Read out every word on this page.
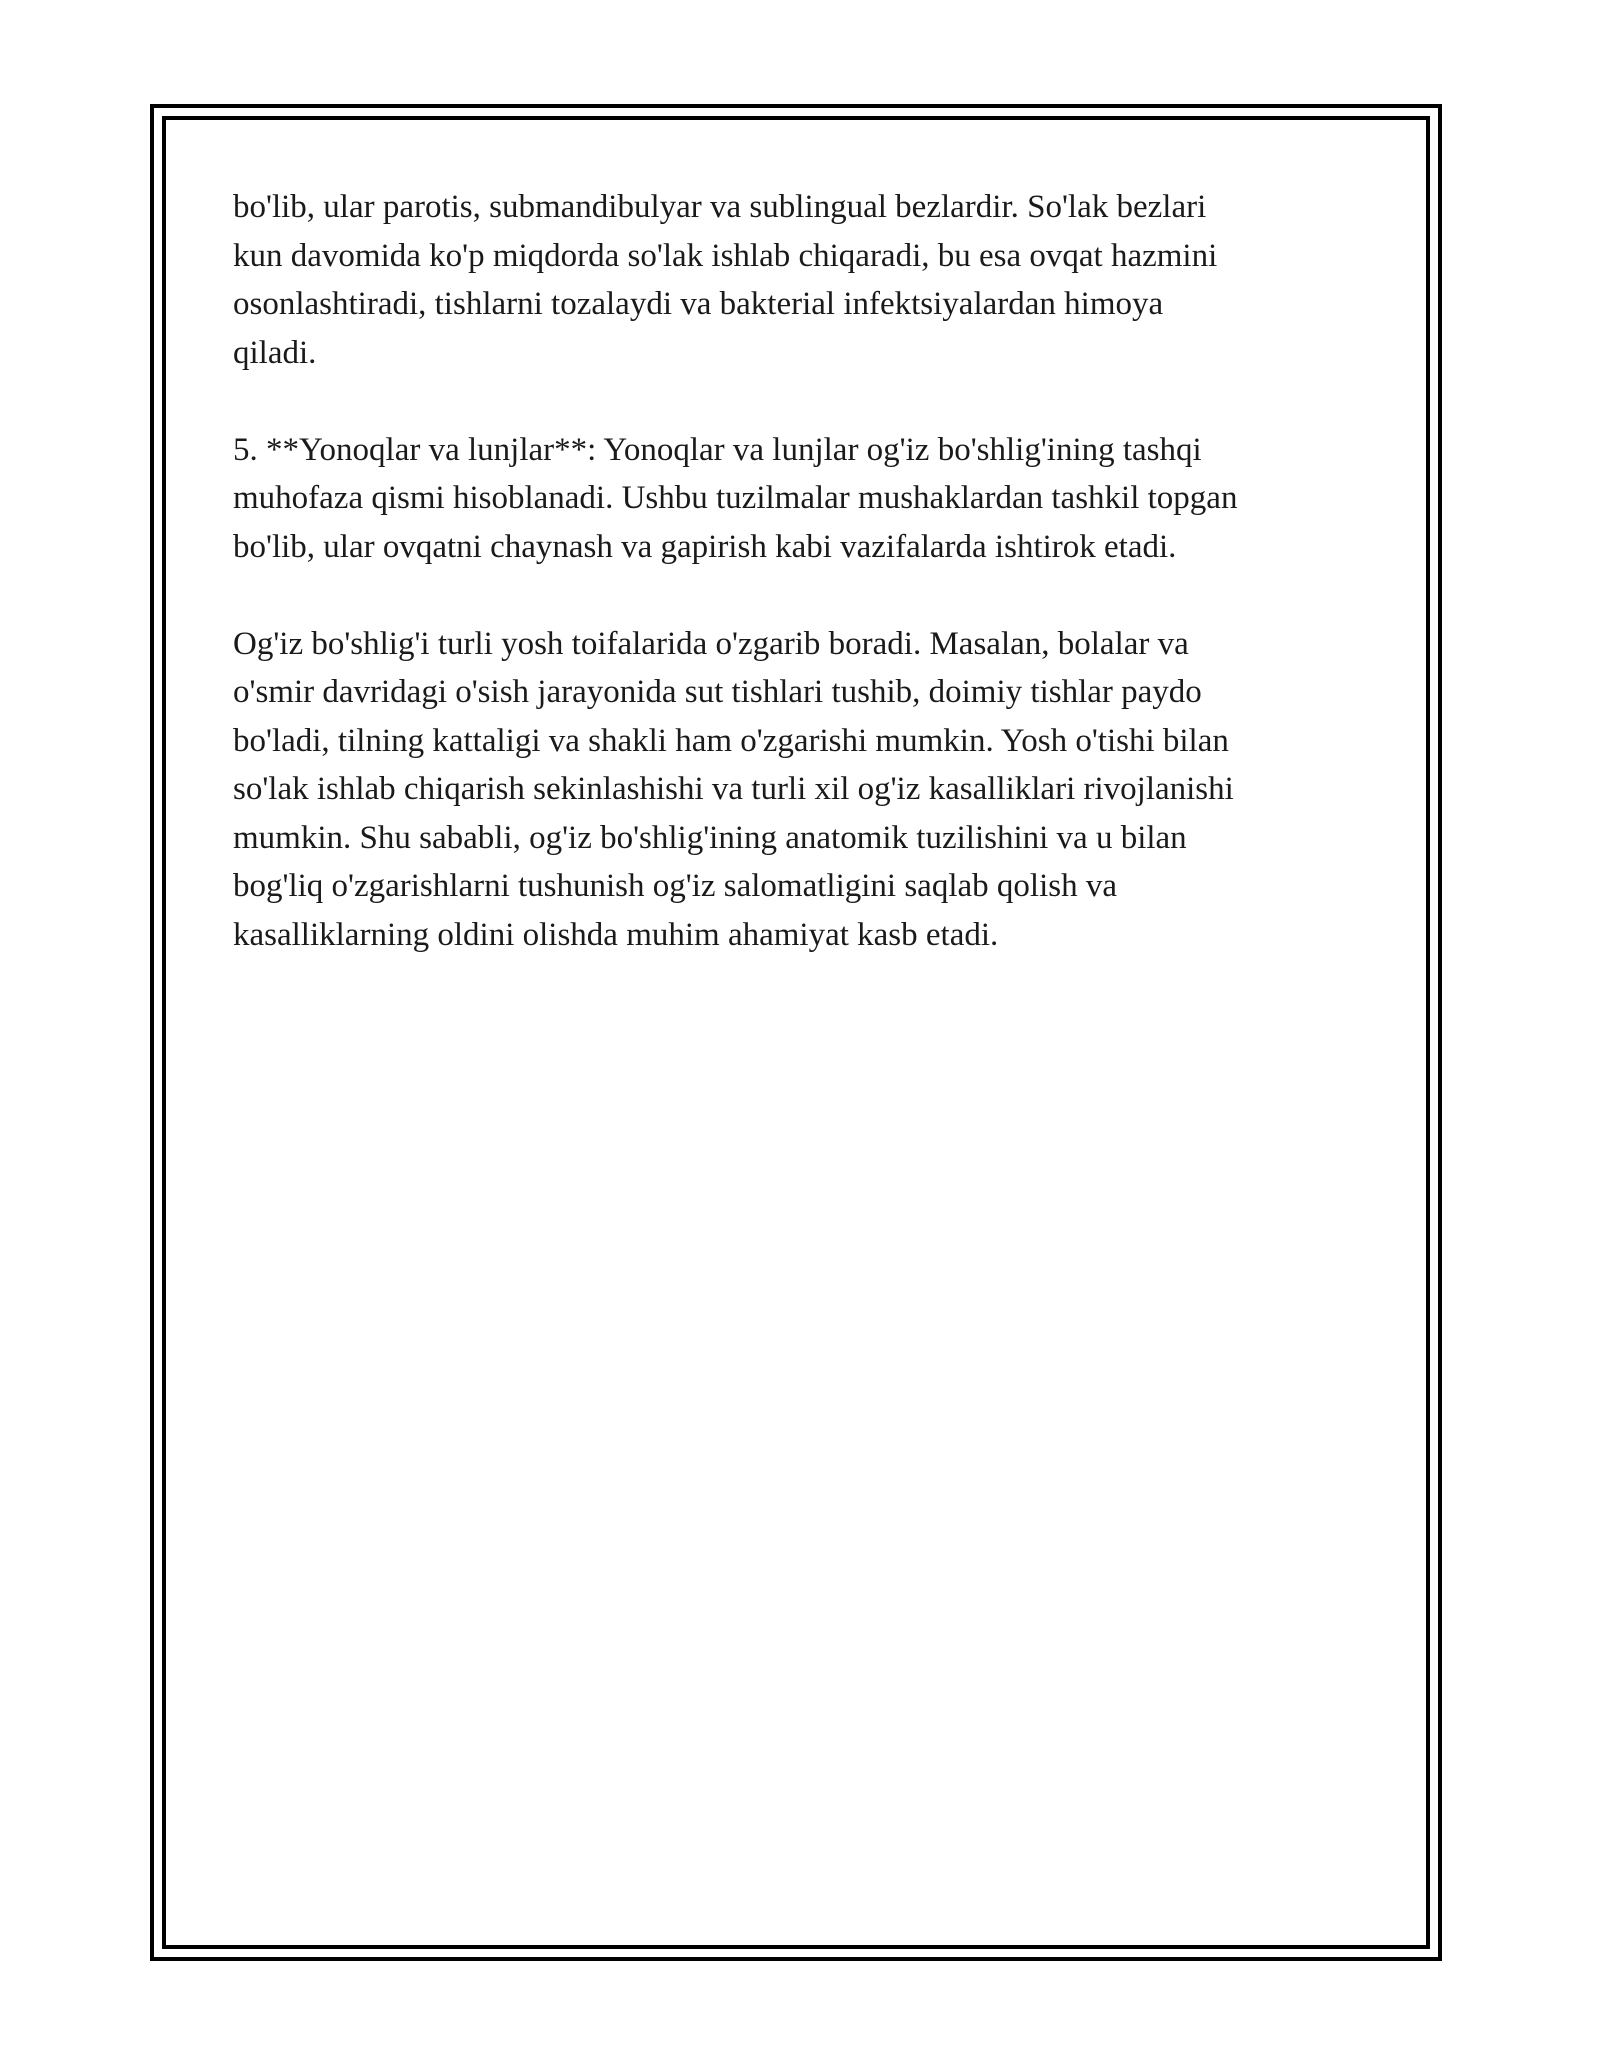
bo'lib, ular parotis, submandibulyar va sublingual bezlardir. So'lak bezlari
kun davomida ko'p miqdorda so'lak ishlab chiqaradi, bu esa ovqat hazmini
osonlashtiradi, tishlarni tozalaydi va bakterial infektsiyalardan himoya
qiladi.

5. **Yonoqlar va lunjlar**: Yonoqlar va lunjlar og'iz bo'shlig'ining tashqi
muhofaza qismi hisoblanadi. Ushbu tuzilmalar mushaklardan tashkil topgan
bo'lib, ular ovqatni chaynash va gapirish kabi vazifalarda ishtirok etadi.

Og'iz bo'shlig'i turli yosh toifalarida o'zgarib boradi. Masalan, bolalar va
o'smir davridagi o'sish jarayonida sut tishlari tushib, doimiy tishlar paydo
bo'ladi, tilning kattaligi va shakli ham o'zgarishi mumkin. Yosh o'tishi bilan
so'lak ishlab chiqarish sekinlashishi va turli xil og'iz kasalliklari rivojlanishi
mumkin. Shu sababli, og'iz bo'shlig'ining anatomik tuzilishini va u bilan
bog'liq o'zgarishlarni tushunish og'iz salomatligini saqlab qolish va
kasalliklarning oldini olishda muhim ahamiyat kasb etadi.
